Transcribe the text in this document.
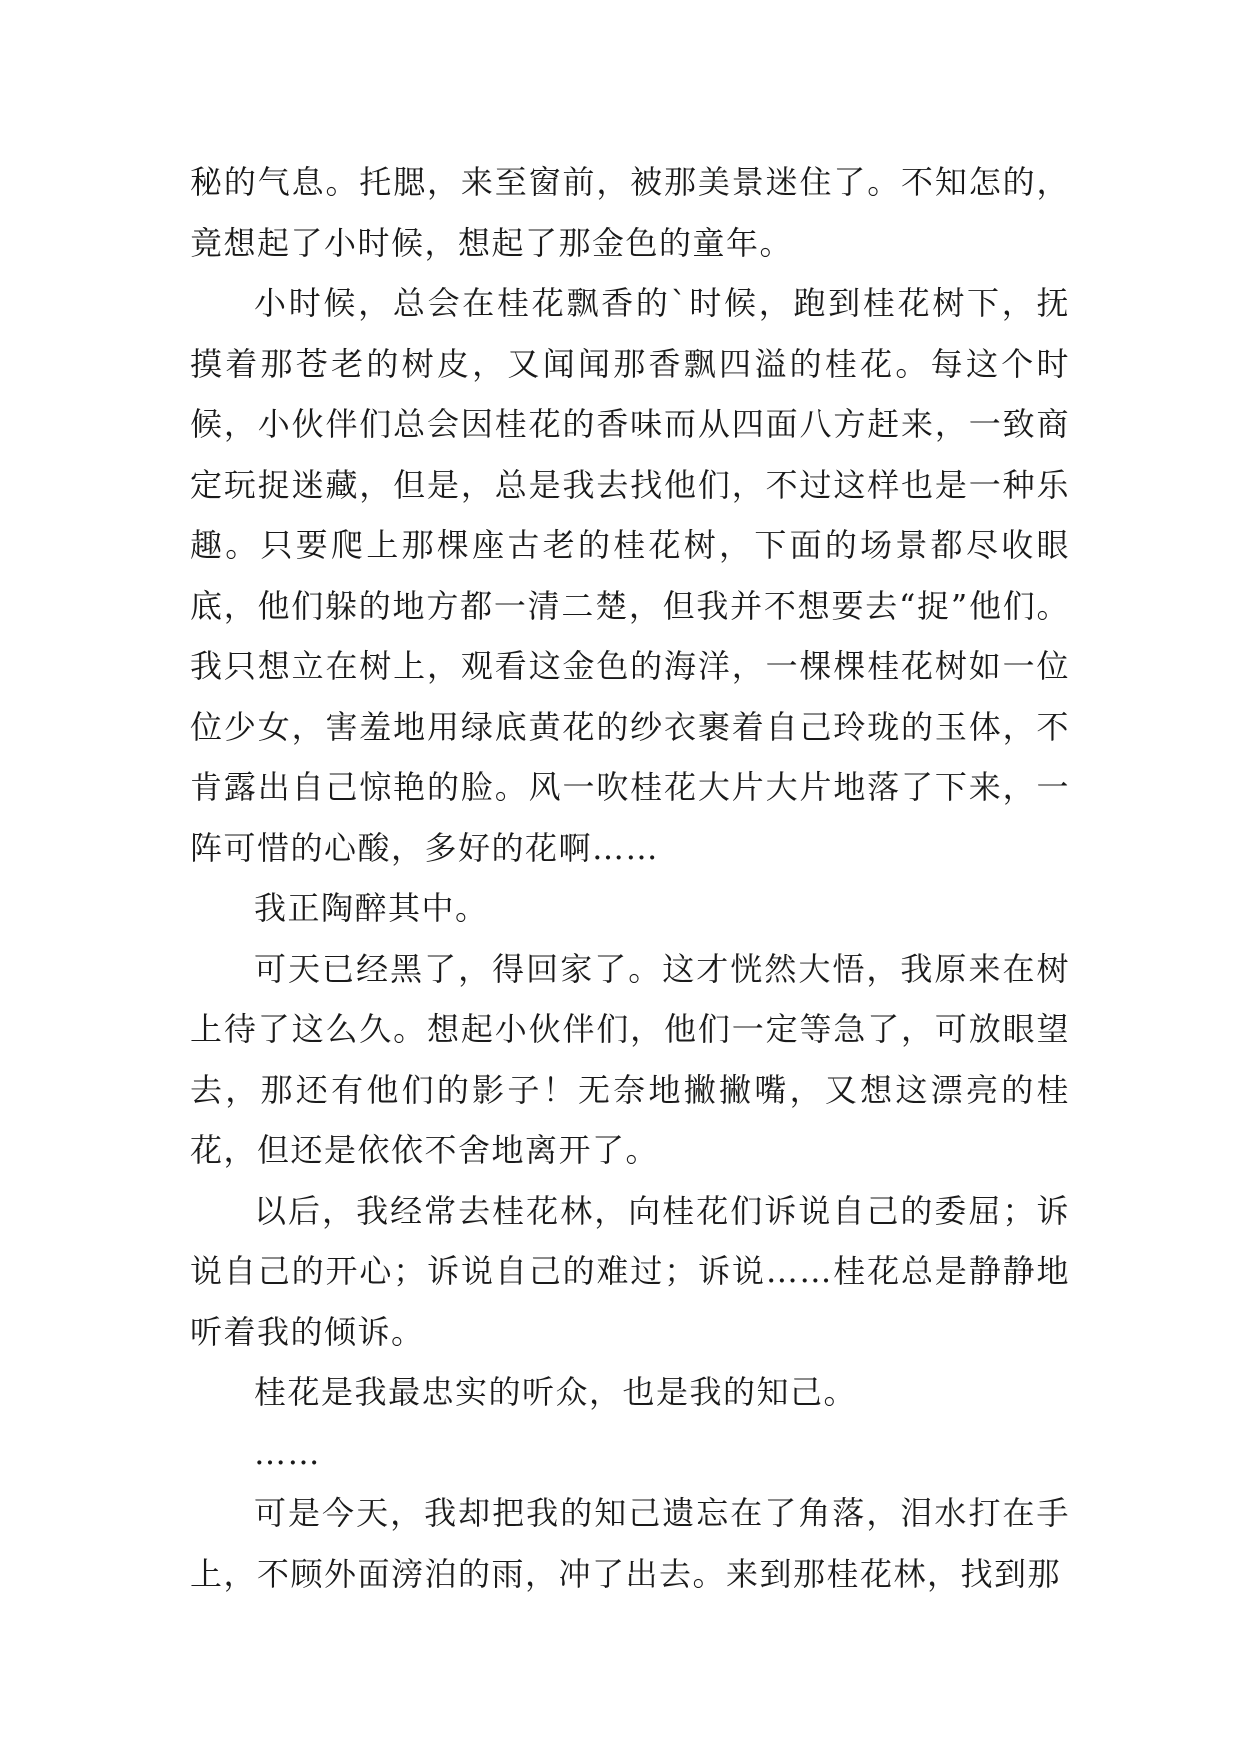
秘的气息。托腮，来至窗前，被那美景迷住了。不知怎的，竟想起了小时候，想起了那金色的童年。

小时候，总会在桂花飘香的`时候，跑到桂花树下，抚摸着那苍老的树皮，又闻闻那香飘四溢的桂花。每这个时候，小伙伴们总会因桂花的香味而从四面八方赶来，一致商定玩捉迷藏，但是，总是我去找他们，不过这样也是一种乐趣。只要爬上那棵座古老的桂花树，下面的场景都尽收眼底，他们躲的地方都一清二楚，但我并不想要去“捉”他们。我只想立在树上，观看这金色的海洋，一棵棵桂花树如一位位少女，害羞地用绿底黄花的纱衣裹着自己玲珑的玉体，不肯露出自己惊艳的脸。风一吹桂花大片大片地落了下来，一阵可惜的心酸，多好的花啊……

我正陶醉其中。

可天已经黑了，得回家了。这才恍然大悟，我原来在树上待了这么久。想起小伙伴们，他们一定等急了，可放眼望去，那还有他们的影子！无奈地撇撇嘴，又想这漂亮的桂花，但还是依依不舍地离开了。

以后，我经常去桂花林，向桂花们诉说自己的委屈；诉说自己的开心；诉说自己的难过；诉说……桂花总是静静地听着我的倾诉。

桂花是我最忠实的听众，也是我的知己。

……

可是今天，我却把我的知己遗忘在了角落，泪水打在手上，不顾外面滂泊的雨，冲了出去。来到那桂花林，找到那
